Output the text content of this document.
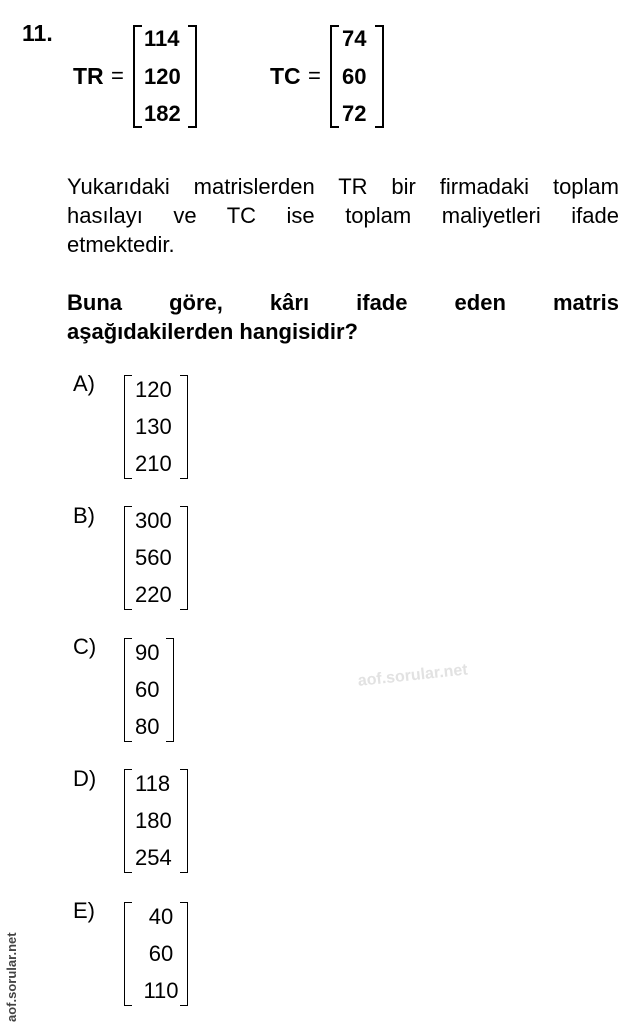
11.
TR =
114
120
182
TC =
74
60
72
Yukarıdaki matrislerden TR bir firmadaki toplam
hasılayı ve TC ise toplam maliyetleri ifade
etmektedir.
Buna göre, kârı ifade eden matris
aşağıdakilerden hangisidir?
A) 120
130
210
B) 300
560
220
C) 90
60
80
D) 118
180
254
E)	40
60
110
aof.sorular.net
aof.sorular.net
